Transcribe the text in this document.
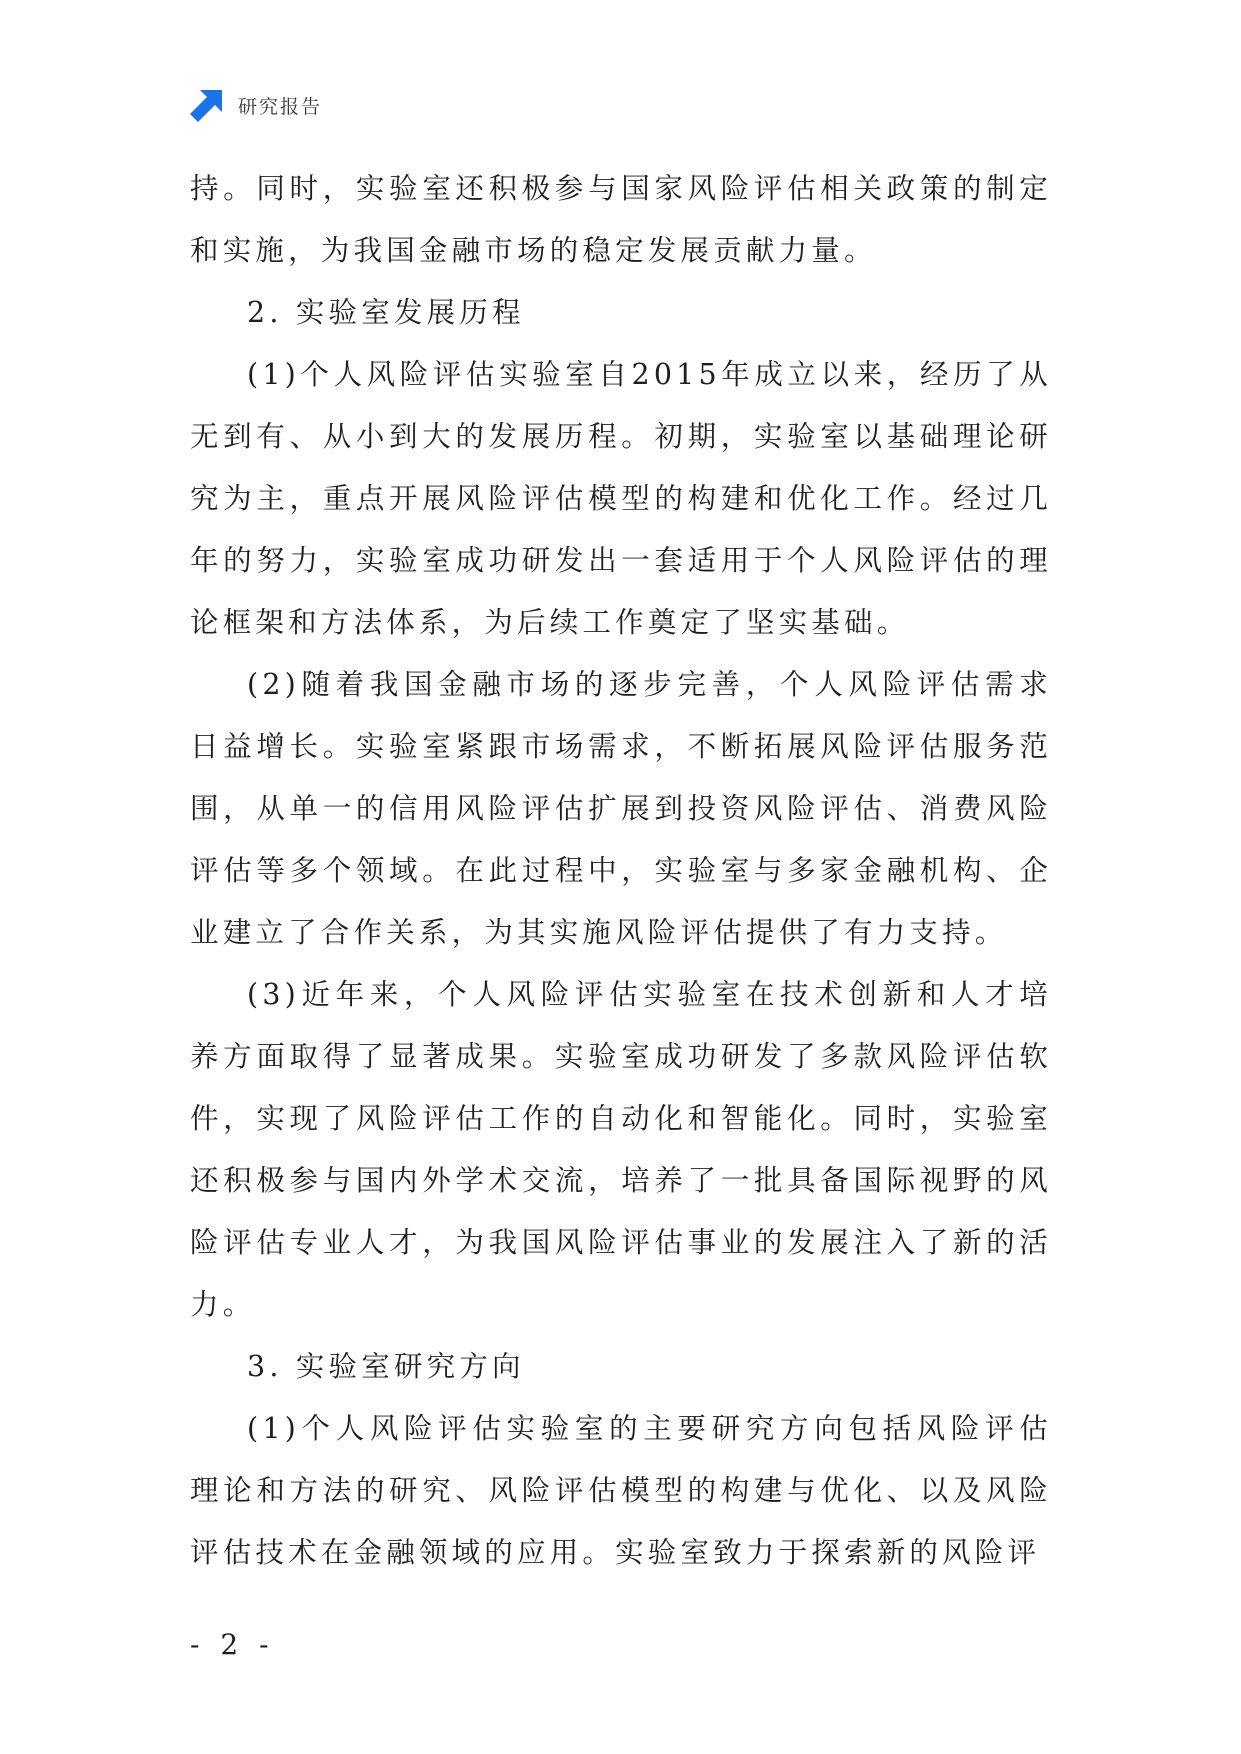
研究报告

持。同时，实验室还积极参与国家风险评估相关政策的制定和实施，为我国金融市场的稳定发展贡献力量。

2. 实验室发展历程

(1)个人风险评估实验室自2015年成立以来，经历了从无到有、从小到大的发展历程。初期，实验室以基础理论研究为主，重点开展风险评估模型的构建和优化工作。经过几年的努力，实验室成功研发出一套适用于个人风险评估的理论框架和方法体系，为后续工作奠定了坚实基础。

(2)随着我国金融市场的逐步完善，个人风险评估需求日益增长。实验室紧跟市场需求，不断拓展风险评估服务范围，从单一的信用风险评估扩展到投资风险评估、消费风险评估等多个领域。在此过程中，实验室与多家金融机构、企业建立了合作关系，为其实施风险评估提供了有力支持。

(3)近年来，个人风险评估实验室在技术创新和人才培养方面取得了显著成果。实验室成功研发了多款风险评估软件，实现了风险评估工作的自动化和智能化。同时，实验室还积极参与国内外学术交流，培养了一批具备国际视野的风险评估专业人才，为我国风险评估事业的发展注入了新的活力。

3. 实验室研究方向

(1)个人风险评估实验室的主要研究方向包括风险评估理论和方法的研究、风险评估模型的构建与优化、以及风险评估技术在金融领域的应用。实验室致力于探索新的风险评

- 2 -
